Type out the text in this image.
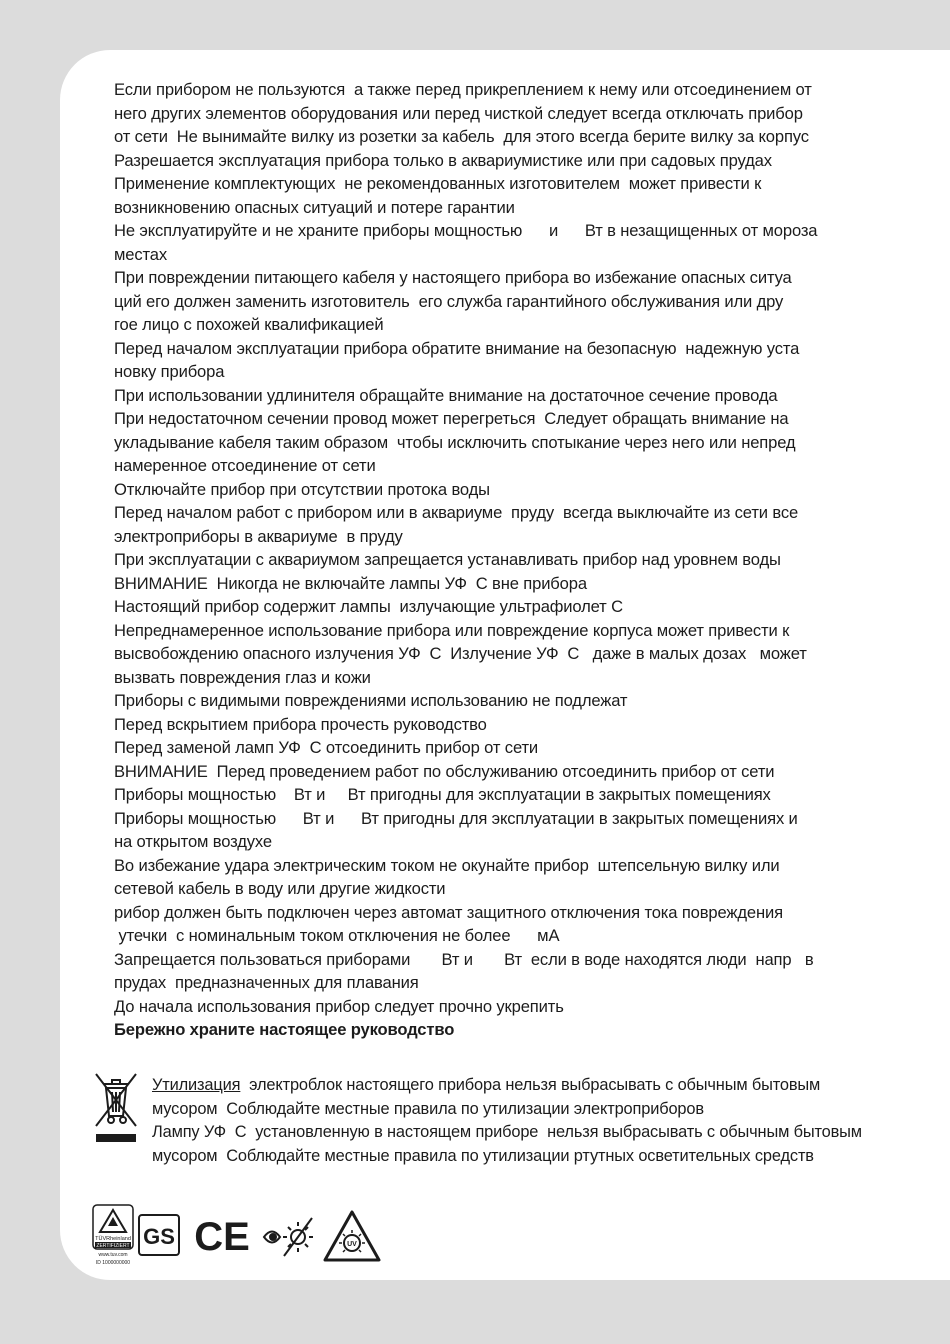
Если прибором не пользуются  а также перед прикреплением к нему или отсоединением от
него других элементов оборудования или перед чисткой следует всегда отключать прибор
от сети  Не вынимайте вилку из розетки за кабель  для этого всегда берите вилку за корпус
Разрешается эксплуатация прибора только в аквариумистике или при садовых прудах
Применение комплектующих  не рекомендованных изготовителем  может привести к
возникновению опасных ситуаций и потере гарантии
Не эксплуатируйте и не храните приборы мощностью      и      Вт в незащищенных от мороза
местах
При повреждении питающего кабеля у настоящего прибора во избежание опасных ситуа
ций его должен заменить изготовитель  его служба гарантийного обслуживания или дру
гое лицо с похожей квалификацией
Перед началом эксплуатации прибора обратите внимание на безопасную  надежную уста
новку прибора
При использовании удлинителя обращайте внимание на достаточное сечение провода
При недостаточном сечении провод может перегреться  Следует обращать внимание на
укладывание кабеля таким образом  чтобы исключить спотыкание через него или непред
намеренное отсоединение от сети
Отключайте прибор при отсутствии протока воды
Перед началом работ с прибором или в аквариуме  пруду  всегда выключайте из сети все
электроприборы в аквариуме  в пруду
При эксплуатации с аквариумом запрещается устанавливать прибор над уровнем воды
ВНИМАНИЕ  Никогда не включайте лампы УФ  С вне прибора
Настоящий прибор содержит лампы  излучающие ультрафиолет С
Непреднамеренное использование прибора или повреждение корпуса может привести к
высвобождению опасного излучения УФ  С  Излучение УФ  С   даже в малых дозах   может
вызвать повреждения глаз и кожи
Приборы с видимыми повреждениями использованию не подлежат
Перед вскрытием прибора прочесть руководство
Перед заменой ламп УФ  С отсоединить прибор от сети
ВНИМАНИЕ  Перед проведением работ по обслуживанию отсоединить прибор от сети
Приборы мощностью    Вт и     Вт пригодны для эксплуатации в закрытых помещениях
Приборы мощностью      Вт и      Вт пригодны для эксплуатации в закрытых помещениях и
на открытом воздухе
Во избежание удара электрическим током не окунайте прибор  штепсельную вилку или
сетевой кабель в воду или другие жидкости
рибор должен быть подключен через автомат защитного отключения тока повреждения
утечки  с номинальным током отключения не более      мА
Запрещается пользоваться приборами       Вт и       Вт  если в воде находятся люди  напр   в
прудах  предназначенных для плавания
До начала использования прибор следует прочно укрепить
Бережно храните настоящее руководство
Утилизация  электроблок настоящего прибора нельзя выбрасывать с обычным бытовым
мусором  Соблюдайте местные правила по утилизации электроприборов
Лампу УФ  С  установленную в настоящем приборе  нельзя выбрасывать с обычным бытовым
мусором  Соблюдайте местные правила по утилизации ртутных осветительных средств
TÜVRheinland
ZERTIFIZIERT
www.tuv.com
ID 1000000000
GS CE	UV
